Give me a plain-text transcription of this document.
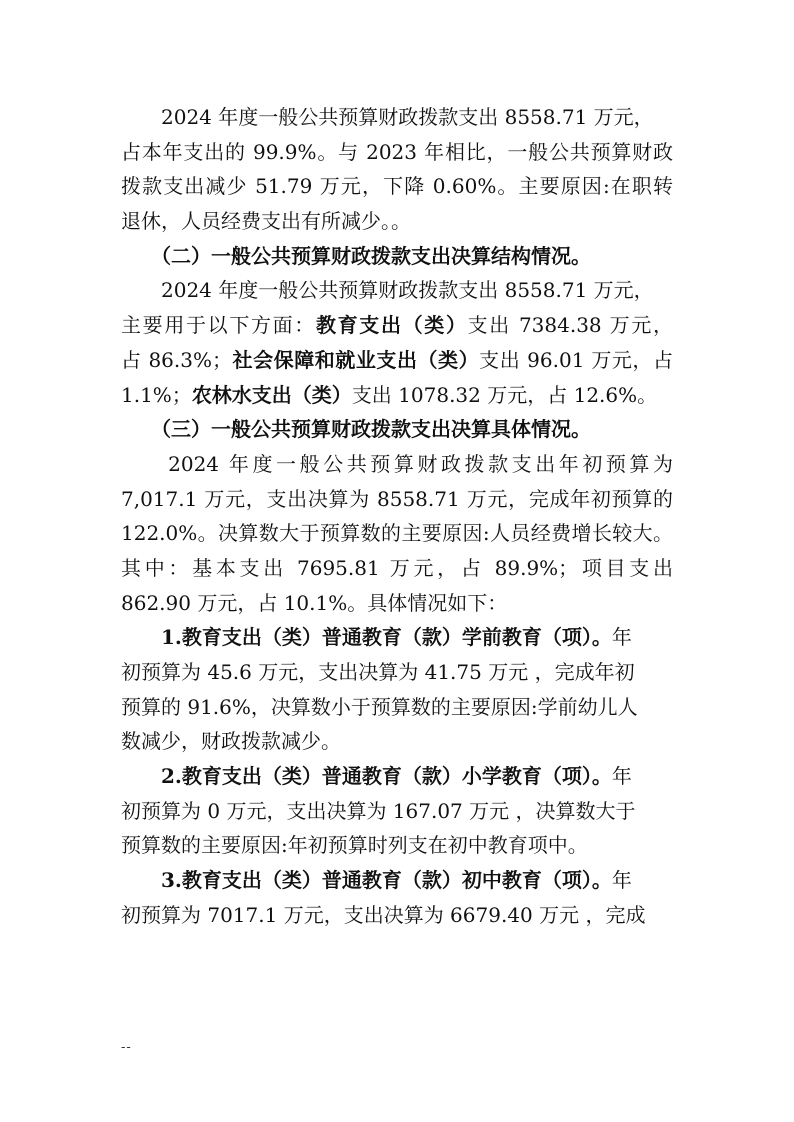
　　2024 年度一般公共预算财政拨款支出 8558.71 万元，
占本年支出的 99.9%。与 2023 年相比，一般公共预算财政
拨款支出减少 51.79 万元，下降 0.60%。主要原因:在职转
退休，人员经费支出有所减少。。
　　（二）一般公共预算财政拨款支出决算结构情况。
　　2024 年度一般公共预算财政拨款支出 8558.71 万元，
主要用于以下方面：教育支出（类）支出 7384.38 万元，
占 86.3%；社会保障和就业支出（类）支出 96.01 万元，占
1.1%；农林水支出（类）支出 1078.32 万元，占 12.6%。
　　（三）一般公共预算财政拨款支出决算具体情况。
　　2024 年度一般公共预算财政拨款支出年初预算为
7,017.1 万元，支出决算为 8558.71 万元，完成年初预算的
122.0%。决算数大于预算数的主要原因:人员经费增长较大。
其中：基本支出 7695.81 万元，占 89.9%；项目支出
862.90 万元，占 10.1%。具体情况如下：
　　1.教育支出（类）普通教育（款）学前教育（项）。年
初预算为 45.6 万元，支出决算为 41.75 万元 ，完成年初
预算的 91.6%，决算数小于预算数的主要原因:学前幼儿人
数减少，财政拨款减少。
　　2.教育支出（类）普通教育（款）小学教育（项）。年
初预算为 0 万元，支出决算为 167.07 万元 ，决算数大于
预算数的主要原因:年初预算时列支在初中教育项中。
　　3.教育支出（类）普通教育（款）初中教育（项）。年
初预算为 7017.1 万元，支出决算为 6679.40 万元 ，完成
--
